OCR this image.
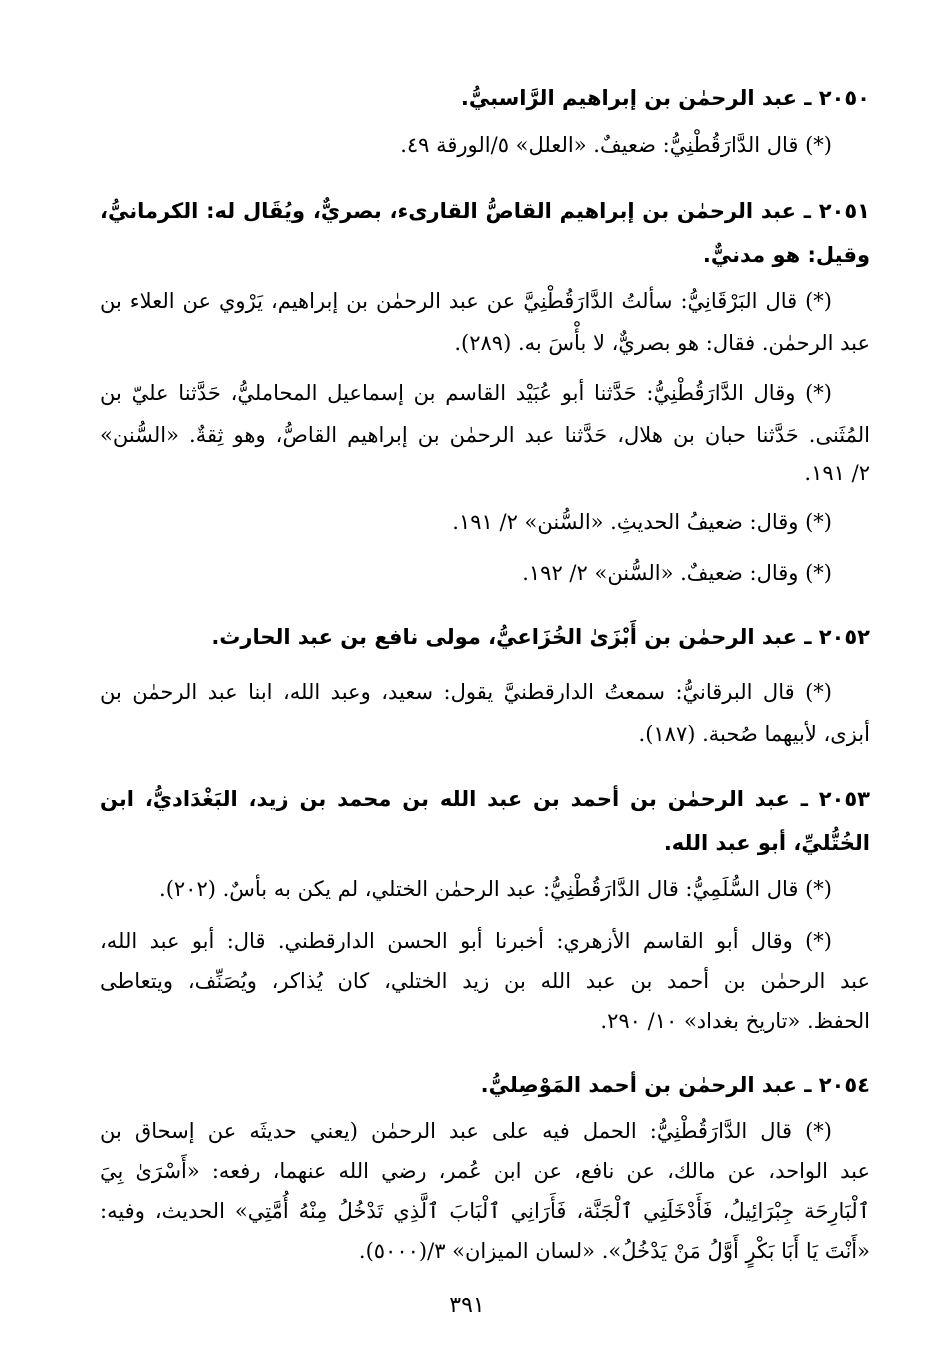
٢٠٥٠ ـ عبد الرحمٰن بن إبراهيم الرَّاسبيُّ.
(*) قال الدَّارَقُطْنِيُّ: ضعيفٌ. «العلل» ٥/الورقة ٤٩.
٢٠٥١ ـ عبد الرحمٰن بن إبراهيم القاصُّ القارىء، بصريٌّ، ويُقَال له: الكرمانيُّ،
وقيل: هو مدنيٌّ.
(*) قال البَرْقَانِيُّ: سألتُ الدَّارَقُطْنِيَّ عن عبد الرحمٰن بن إبراهيم، يَرْوي عن العلاء بن
عبد الرحمٰن. فقال: هو بصريٌّ، لا بأْسَ به. (٢٨٩).
(*) وقال الدَّارَقُطْنِيُّ: حَدَّثنا أبو عُبَيْد القاسم بن إسماعيل المحامليُّ، حَدَّثنا عليّ بن
المُثَنى. حَدَّثنا حبان بن هلال، حَدَّثنا عبد الرحمٰن بن إبراهيم القاصُّ، وهو ثِقةٌ. «السُّنن»
٢/ ١٩١.
(*) وقال: ضعيفُ الحديثِ. «السُّنن» ٢/ ١٩١.
(*) وقال: ضعيفٌ. «السُّنن» ٢/ ١٩٢.
٢٠٥٢ ـ عبد الرحمٰن بن أَبْزَىٰ الخُزَاعيُّ، مولى نافع بن عبد الحارث.
(*) قال البرقانيُّ: سمعتُ الدارقطنيَّ يقول: سعيد، وعبد الله، ابنا عبد الرحمٰن بن
أبزى، لأبيهما صُحبة. (١٨٧).
٢٠٥٣ ـ عبد الرحمٰن بن أحمد بن عبد الله بن محمد بن زيد، البَغْدَاديُّ، ابن
الخُتُّليِّ، أبو عبد الله.
(*) قال السُّلَمِيُّ: قال الدَّارَقُطْنِيُّ: عبد الرحمٰن الختلي، لم يكن به بأسٌ. (٢٠٢).
(*) وقال أبو القاسم الأزهري: أخبرنا أبو الحسن الدارقطني. قال: أبو عبد الله،
عبد الرحمٰن بن أحمد بن عبد الله بن زيد الختلي، كان يُذاكر، ويُصَنِّف، ويتعاطى
الحفظ. «تاريخ بغداد» ١٠/ ٢٩٠.
٢٠٥٤ ـ عبد الرحمٰن بن أحمد المَوْصِليُّ.
(*) قال الدَّارَقُطْنِيُّ: الحمل فيه على عبد الرحمٰن (يعني حديثَه عن إسحاق بن
عبد الواحد، عن مالك، عن نافع، عن ابن عُمر، رضي الله عنهما، رفعه: «أَسْرَىٰ بِيَ
ٱلْبَارِحَة جِبْرَائِيلُ، فَأَدْخَلَنِي ٱلْجَنَّة، فَأَرَانِي ٱلْبَابَ ٱلَّذِي تَدْخُلُ مِنْهُ أُمَّتِي» الحديث، وفيه:
«أَنْتَ يَا أَبَا بَكْرٍ أَوَّلُ مَنْ يَدْخُلُ». «لسان الميزان» ٣/(٥٠٠٠).
٣٩١
